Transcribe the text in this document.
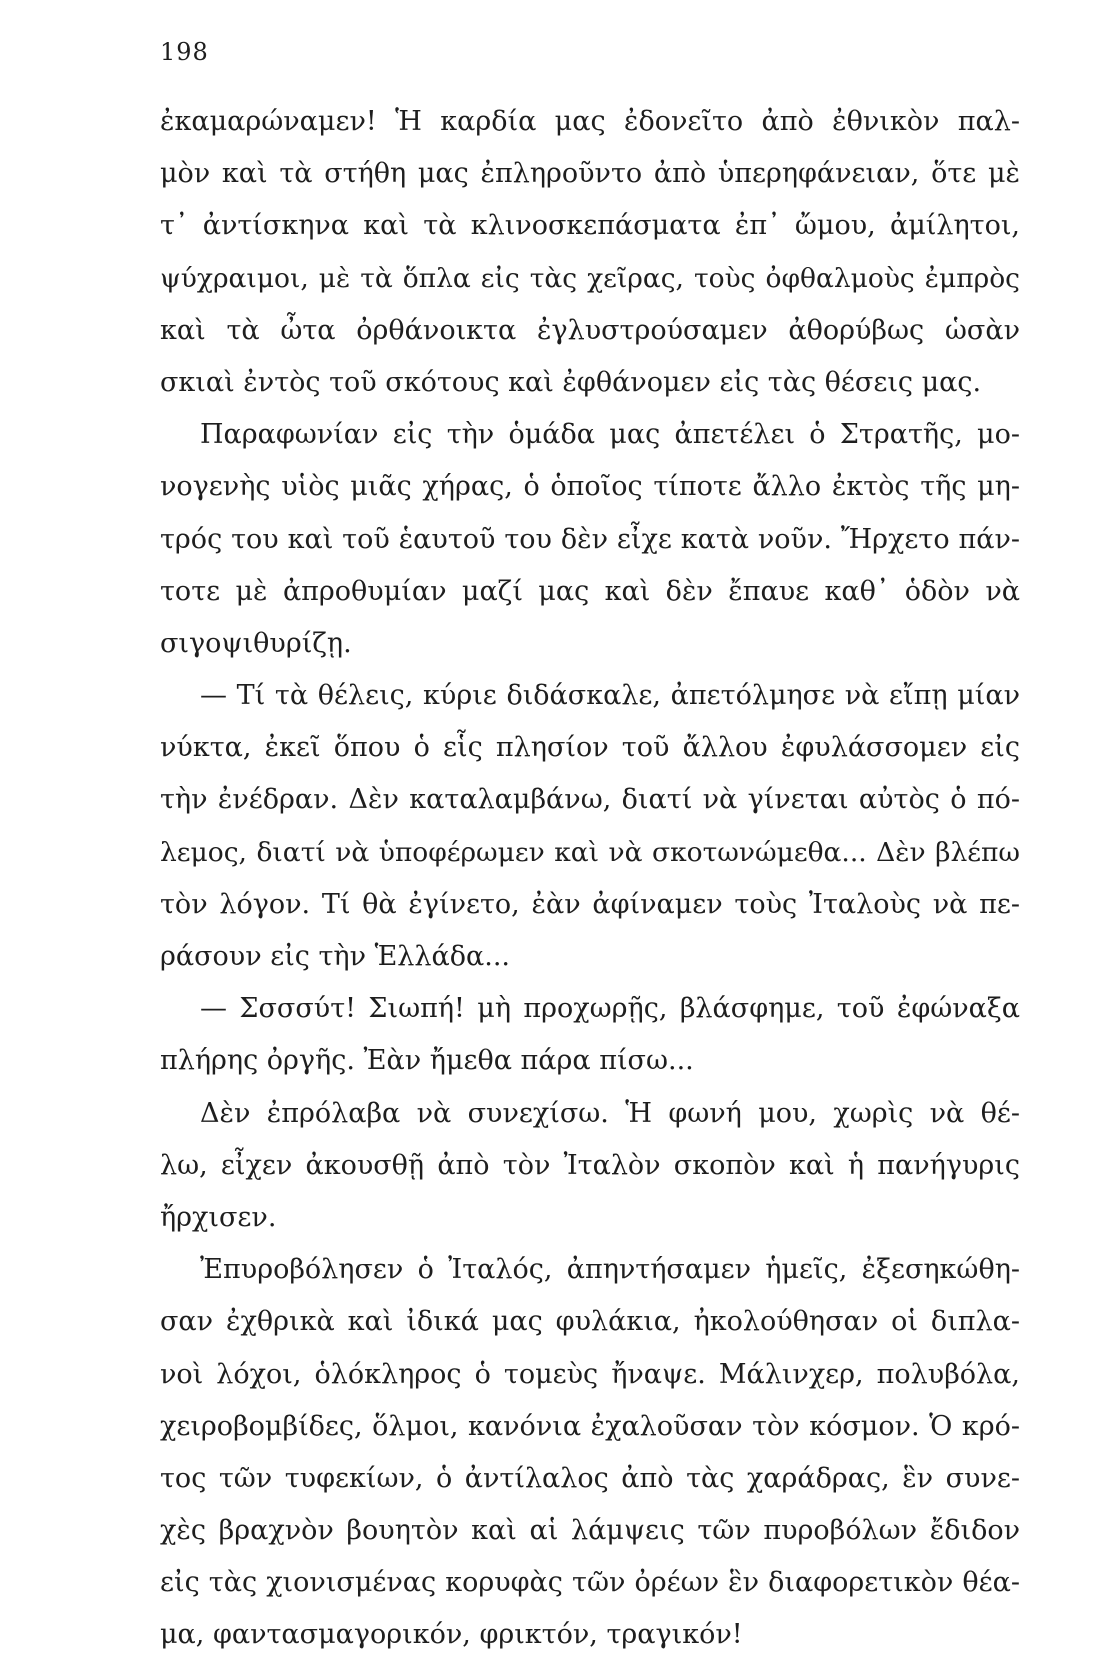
198
ἐκαμαρώναμεν! Ἡ καρδία μας ἐδονεῖτο ἀπὸ ἐθνικὸν παλ-
μὸν καὶ τὰ στήθη μας ἐπληροῦντο ἀπὸ ὑπερηφάνειαν, ὅτε μὲ
τ᾽ ἀντίσκηνα καὶ τὰ κλινοσκεπάσματα ἐπ᾽ ὤμου, ἀμίλητοι,
ψύχραιμοι, μὲ τὰ ὅπλα εἰς τὰς χεῖρας, τοὺς ὀφθαλμοὺς ἐμπρὸς
καὶ τὰ ὦτα ὀρθάνοικτα ἐγλυστρούσαμεν ἀθορύβως ὡσὰν
σκιαὶ ἐντὸς τοῦ σκότους καὶ ἐφθάνομεν εἰς τὰς θέσεις μας.
Παραφωνίαν εἰς τὴν ὁμάδα μας ἀπετέλει ὁ Στρατῆς, μο-
νογενὴς υἱὸς μιᾶς χήρας, ὁ ὁποῖος τίποτε ἄλλο ἐκτὸς τῆς μη-
τρός του καὶ τοῦ ἑαυτοῦ του δὲν εἶχε κατὰ νοῦν. Ἤρχετο πάν-
τοτε μὲ ἀπροθυμίαν μαζί μας καὶ δὲν ἔπαυε καθ᾽ ὁδὸν νὰ
σιγοψιθυρίζῃ.
— Τί τὰ θέλεις, κύριε διδάσκαλε, ἀπετόλμησε νὰ εἴπῃ μίαν
νύκτα, ἐκεῖ ὅπου ὁ εἷς πλησίον τοῦ ἄλλου ἐφυλάσσομεν εἰς
τὴν ἐνέδραν. Δὲν καταλαμβάνω, διατί νὰ γίνεται αὐτὸς ὁ πό-
λεμος, διατί νὰ ὑποφέρωμεν καὶ νὰ σκοτωνώμεθα... Δὲν βλέπω
τὸν λόγον. Τί θὰ ἐγίνετο, ἐὰν ἀφίναμεν τοὺς Ἰταλοὺς νὰ πε-
ράσουν εἰς τὴν Ἑλλάδα...
— Σσσσύτ! Σιωπή! μὴ προχωρῇς, βλάσφημε, τοῦ ἐφώναξα
πλήρης ὀργῆς. Ἐὰν ἤμεθα πάρα πίσω...
Δὲν ἐπρόλαβα νὰ συνεχίσω. Ἡ φωνή μου, χωρὶς νὰ θέ-
λω, εἶχεν ἀκουσθῇ ἀπὸ τὸν Ἰταλὸν σκοπὸν καὶ ἡ πανήγυρις
ἤρχισεν.
Ἐπυροβόλησεν ὁ Ἰταλός, ἀπηντήσαμεν ἡμεῖς, ἐξεσηκώθη-
σαν ἐχθρικὰ καὶ ἰδικά μας φυλάκια, ἠκολούθησαν οἱ διπλα-
νοὶ λόχοι, ὁλόκληρος ὁ τομεὺς ἤναψε. Μάλινχερ, πολυβόλα,
χειροβομβίδες, ὅλμοι, κανόνια ἐχαλοῦσαν τὸν κόσμον. Ὁ κρό-
τος τῶν τυφεκίων, ὁ ἀντίλαλος ἀπὸ τὰς χαράδρας, ἓν συνε-
χὲς βραχνὸν βουητὸν καὶ αἱ λάμψεις τῶν πυροβόλων ἔδιδον
εἰς τὰς χιονισμένας κορυφὰς τῶν ὀρέων ἓν διαφορετικὸν θέα-
μα, φαντασμαγορικόν, φρικτόν, τραγικόν!
